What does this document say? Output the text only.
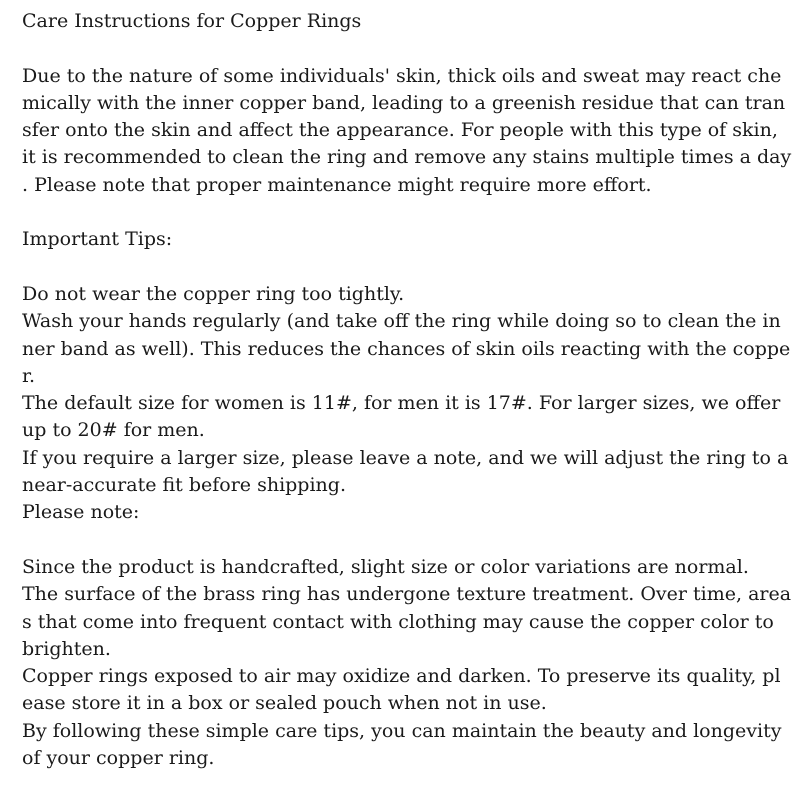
Care Instructions for Copper Rings
Due to the nature of some individuals' skin, thick oils and sweat may react che
mically with the inner copper band, leading to a greenish residue that can tran
sfer onto the skin and affect the appearance. For people with this type of skin,
it is recommended to clean the ring and remove any stains multiple times a day
. Please note that proper maintenance might require more effort.
Important Tips:
Do not wear the copper ring too tightly.
Wash your hands regularly (and take off the ring while doing so to clean the in
ner band as well). This reduces the chances of skin oils reacting with the coppe
r.
The default size for women is 11#, for men it is 17#. For larger sizes, we offer
up to 20# for men.
If you require a larger size, please leave a note, and we will adjust the ring to a
near-accurate fit before shipping.
Please note:
Since the product is handcrafted, slight size or color variations are normal.
The surface of the brass ring has undergone texture treatment. Over time, area
s that come into frequent contact with clothing may cause the copper color to
brighten.
Copper rings exposed to air may oxidize and darken. To preserve its quality, pl
ease store it in a box or sealed pouch when not in use.
By following these simple care tips, you can maintain the beauty and longevity
of your copper ring.
